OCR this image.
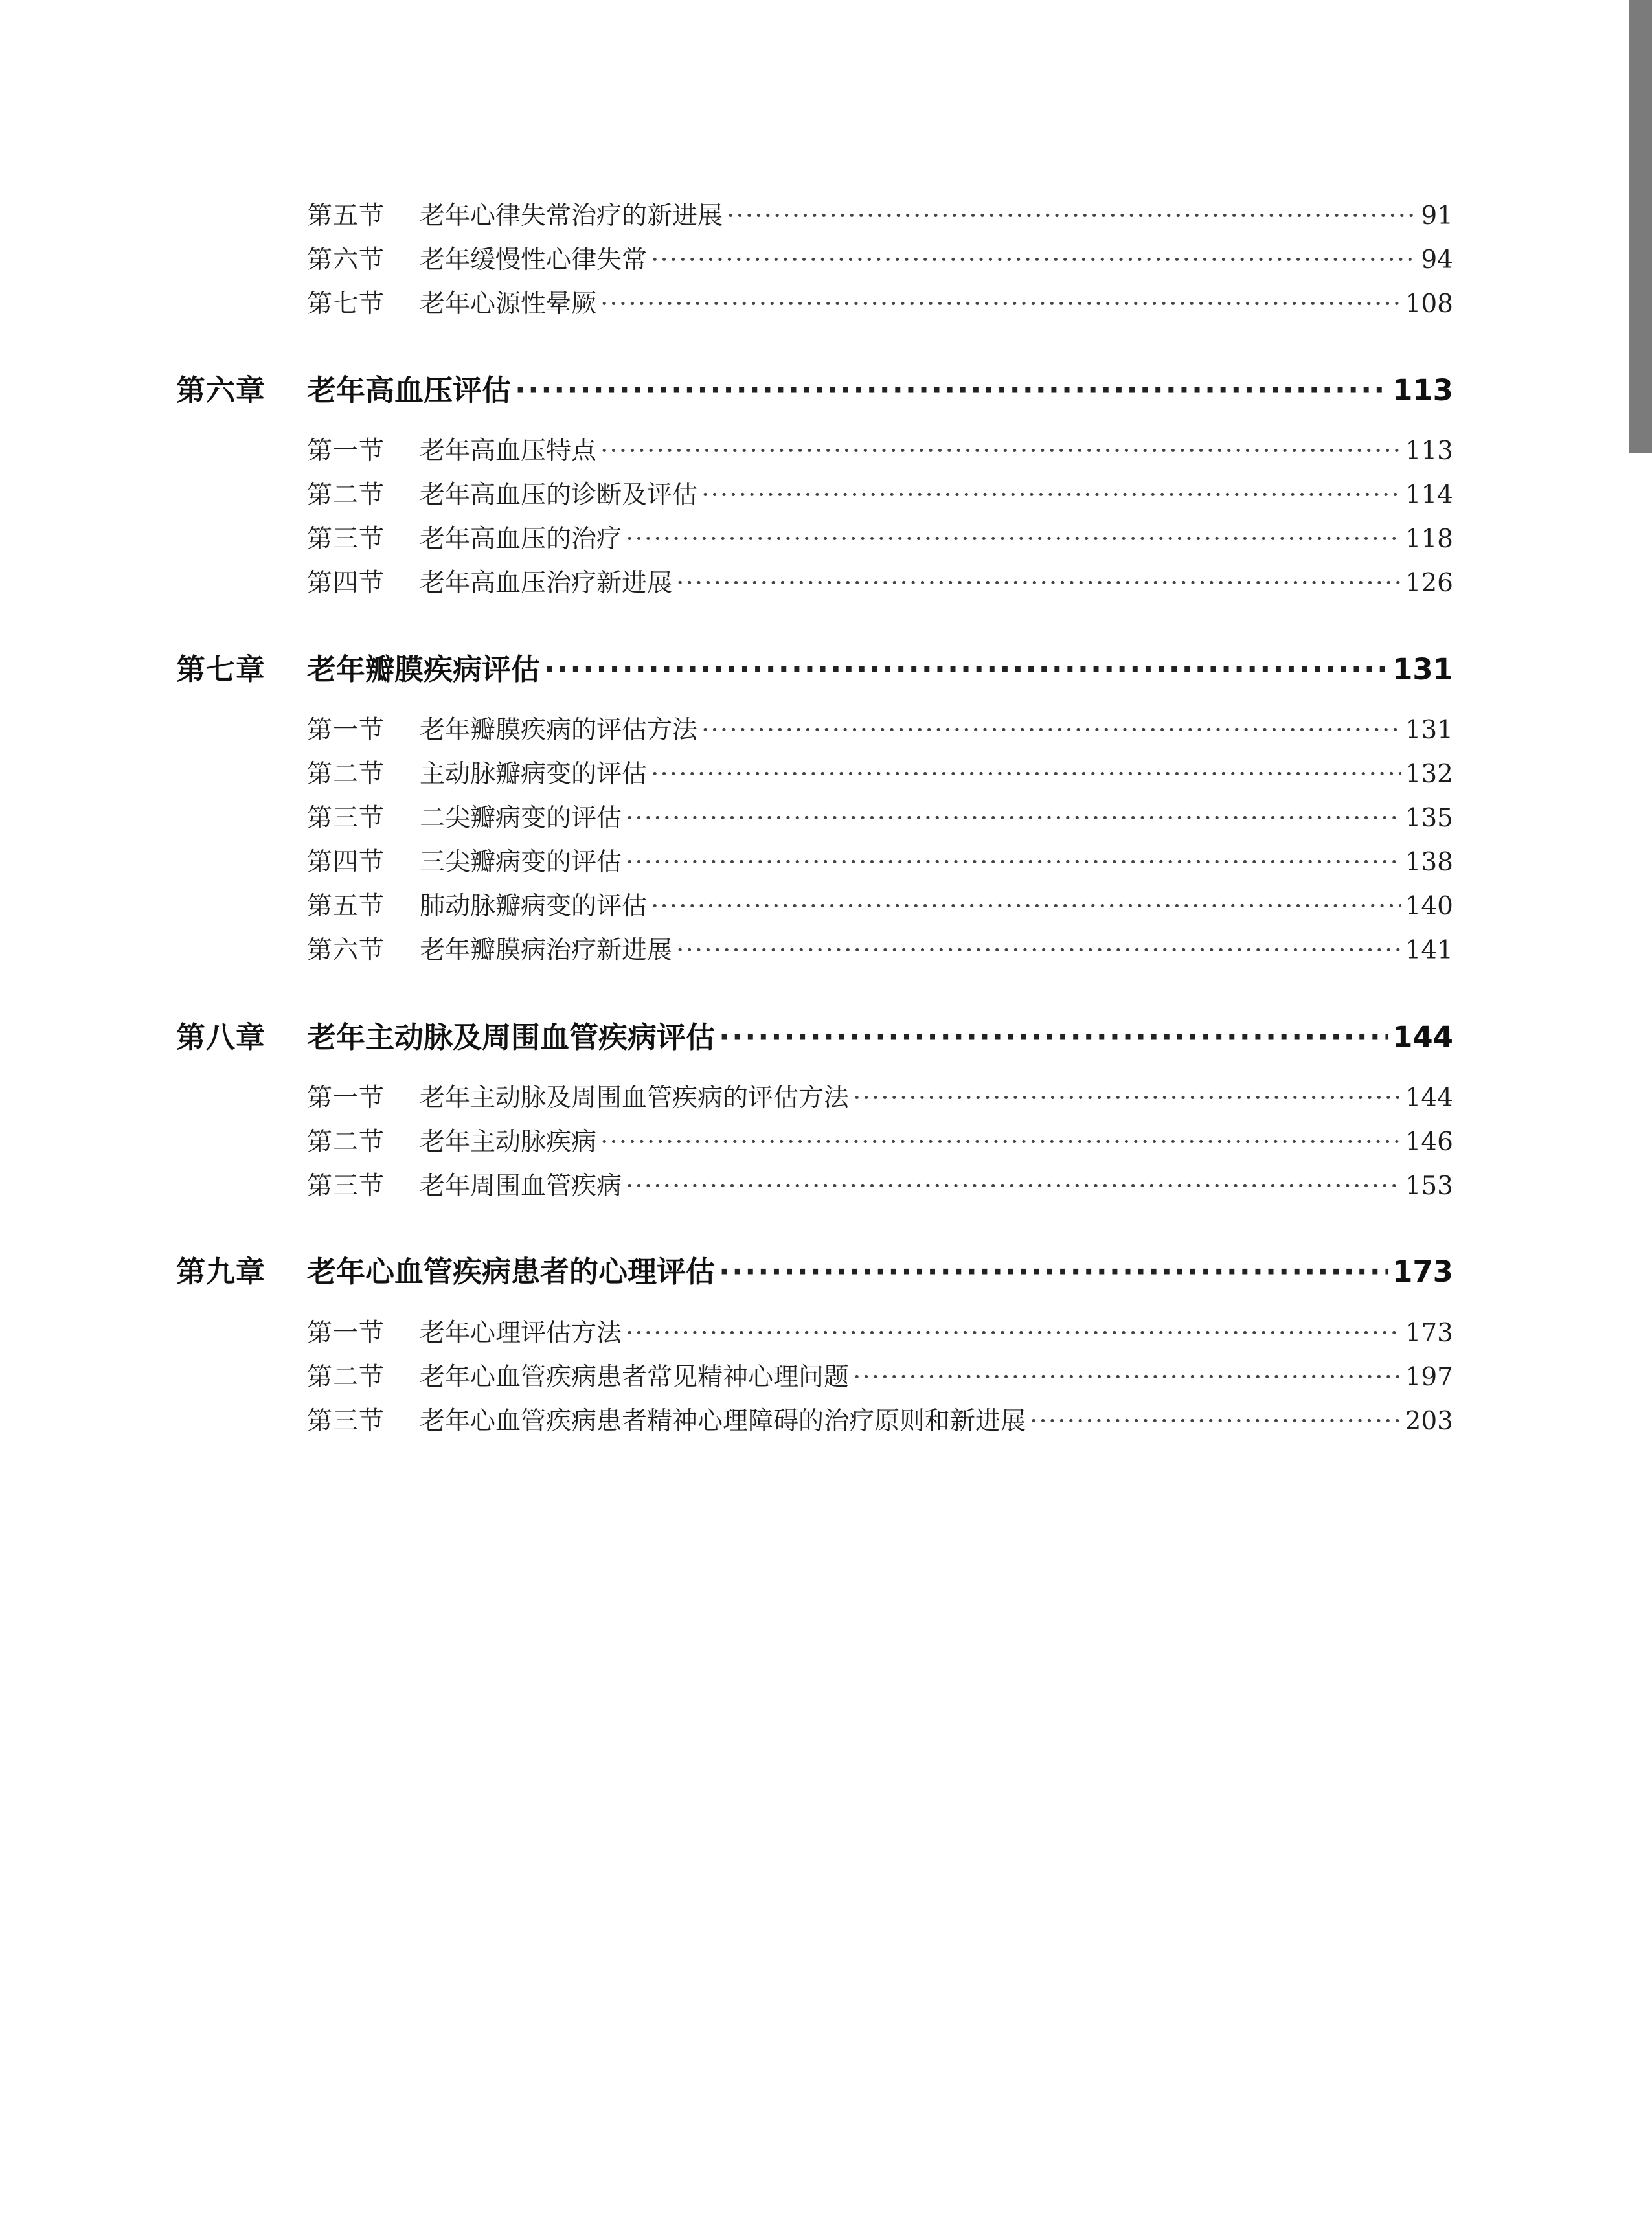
第五节 老年心律失常治疗的新进展 ·····	91
第六节 老年缓慢性心律失常 ·····	94
第七节 老年心源性晕厥 ·····	108
第六章 老年高血压评估 ·····	113
第一节 老年高血压特点 ·····	113
第二节 老年高血压的诊断及评估 ·····	114
第三节 老年高血压的治疗 ·····	118
第四节 老年高血压治疗新进展 ·····	126
第七章 老年瓣膜疾病评估 ·····	131
第一节 老年瓣膜疾病的评估方法 ·····	131
第二节 主动脉瓣病变的评估 ·····	132
第三节 二尖瓣病变的评估 ·····	135
第四节 三尖瓣病变的评估 ·····	138
第五节 肺动脉瓣病变的评估 ·····	140
第六节 老年瓣膜病治疗新进展 ·····	141
第八章 老年主动脉及周围血管疾病评估 ·····	144
第一节 老年主动脉及周围血管疾病的评估方法 ·····	144
第二节 老年主动脉疾病 ·····	146
第三节 老年周围血管疾病 ·····	153
第九章 老年心血管疾病患者的心理评估 ·····	173
第一节 老年心理评估方法 ·····	173
第二节 老年心血管疾病患者常见精神心理问题 ·····	197
第三节 老年心血管疾病患者精神心理障碍的治疗原则和新进展 ·····	203
